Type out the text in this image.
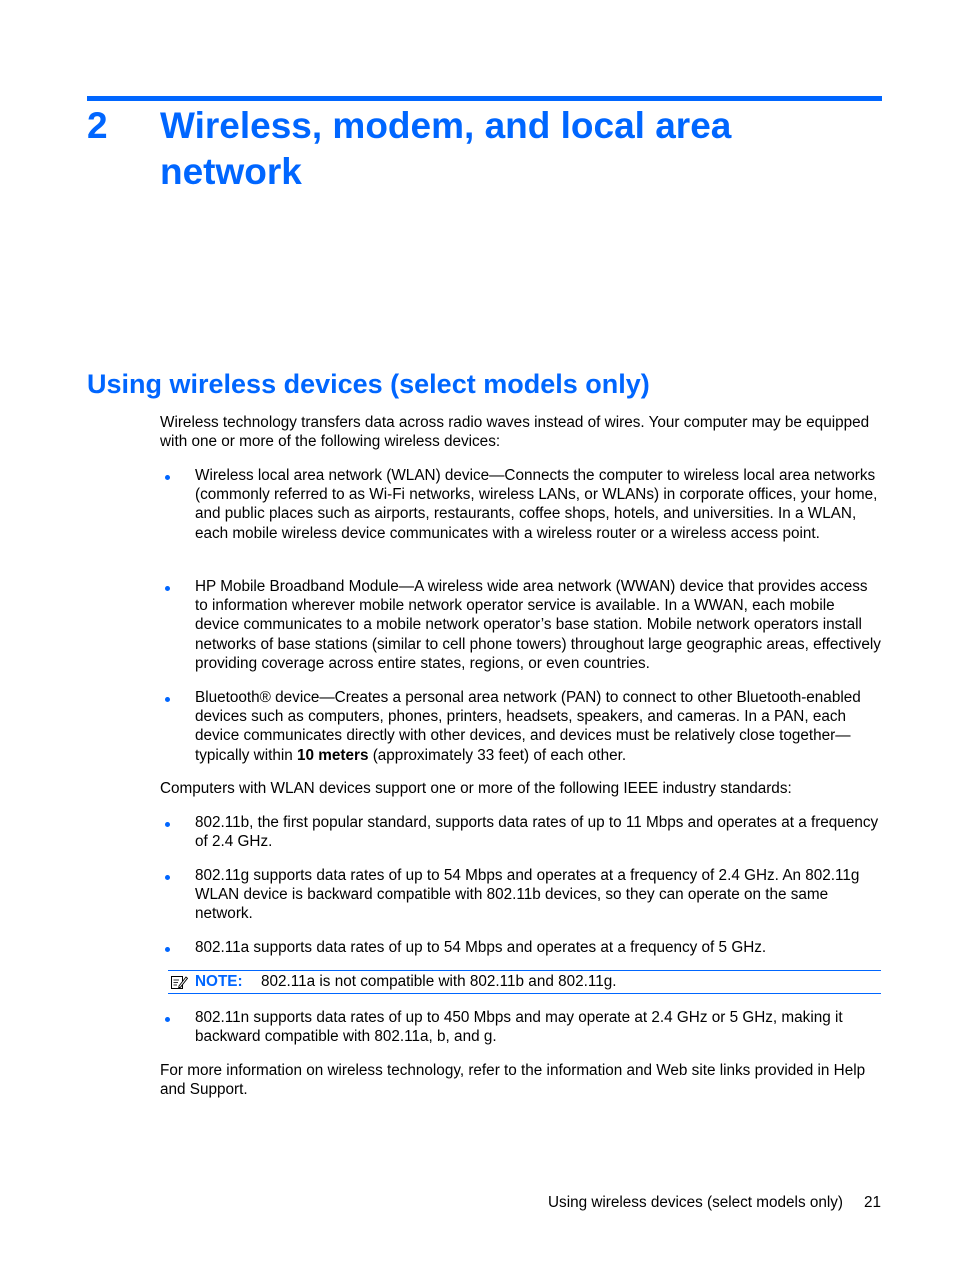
2 Wireless, modem, and local area network
Using wireless devices (select models only)
Wireless technology transfers data across radio waves instead of wires. Your computer may be equipped with one or more of the following wireless devices:
Wireless local area network (WLAN) device—Connects the computer to wireless local area networks (commonly referred to as Wi-Fi networks, wireless LANs, or WLANs) in corporate offices, your home, and public places such as airports, restaurants, coffee shops, hotels, and universities. In a WLAN, each mobile wireless device communicates with a wireless router or a wireless access point.
HP Mobile Broadband Module—A wireless wide area network (WWAN) device that provides access to information wherever mobile network operator service is available. In a WWAN, each mobile device communicates to a mobile network operator’s base station. Mobile network operators install networks of base stations (similar to cell phone towers) throughout large geographic areas, effectively providing coverage across entire states, regions, or even countries.
Bluetooth® device—Creates a personal area network (PAN) to connect to other Bluetooth-enabled devices such as computers, phones, printers, headsets, speakers, and cameras. In a PAN, each device communicates directly with other devices, and devices must be relatively close together—typically within 10 meters (approximately 33 feet) of each other.
Computers with WLAN devices support one or more of the following IEEE industry standards:
802.11b, the first popular standard, supports data rates of up to 11 Mbps and operates at a frequency of 2.4 GHz.
802.11g supports data rates of up to 54 Mbps and operates at a frequency of 2.4 GHz. An 802.11g WLAN device is backward compatible with 802.11b devices, so they can operate on the same network.
802.11a supports data rates of up to 54 Mbps and operates at a frequency of 5 GHz.
NOTE: 802.11a is not compatible with 802.11b and 802.11g.
802.11n supports data rates of up to 450 Mbps and may operate at 2.4 GHz or 5 GHz, making it backward compatible with 802.11a, b, and g.
For more information on wireless technology, refer to the information and Web site links provided in Help and Support.
Using wireless devices (select models only) 21
